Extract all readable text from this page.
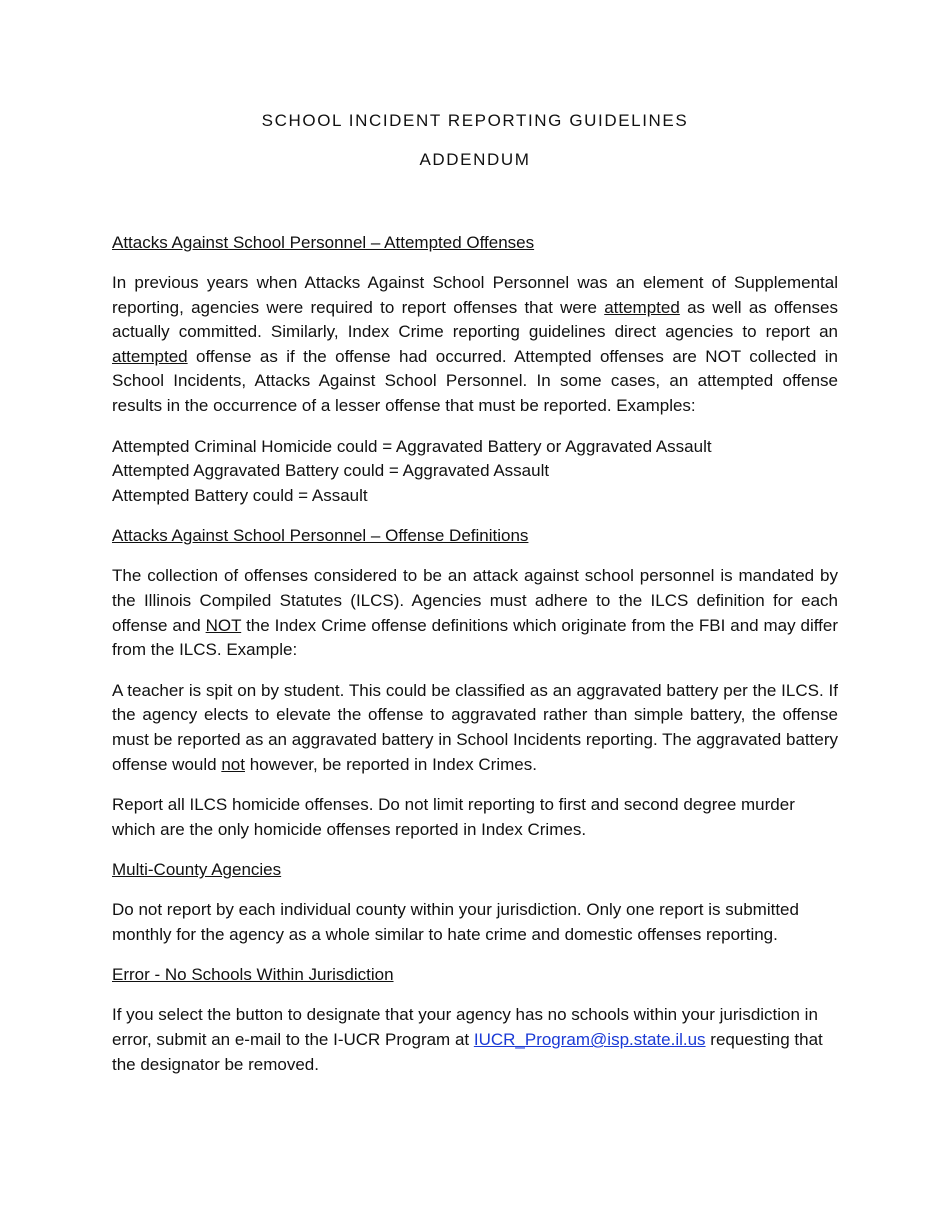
SCHOOL INCIDENT REPORTING GUIDELINES
ADDENDUM
Attacks Against School Personnel – Attempted Offenses

In previous years when Attacks Against School Personnel was an element of Supplemental reporting, agencies were required to report offenses that were attempted as well as offenses actually committed. Similarly, Index Crime reporting guidelines direct agencies to report an attempted offense as if the offense had occurred. Attempted offenses are NOT collected in School Incidents, Attacks Against School Personnel. In some cases, an attempted offense results in the occurrence of a lesser offense that must be reported. Examples:

Attempted Criminal Homicide could = Aggravated Battery or Aggravated Assault
Attempted Aggravated Battery could = Aggravated Assault
Attempted Battery could = Assault
Attacks Against School Personnel – Offense Definitions

The collection of offenses considered to be an attack against school personnel is mandated by the Illinois Compiled Statutes (ILCS). Agencies must adhere to the ILCS definition for each offense and NOT the Index Crime offense definitions which originate from the FBI and may differ from the ILCS. Example:

A teacher is spit on by student. This could be classified as an aggravated battery per the ILCS. If the agency elects to elevate the offense to aggravated rather than simple battery, the offense must be reported as an aggravated battery in School Incidents reporting. The aggravated battery offense would not however, be reported in Index Crimes.

Report all ILCS homicide offenses. Do not limit reporting to first and second degree murder which are the only homicide offenses reported in Index Crimes.

Multi-County Agencies

Do not report by each individual county within your jurisdiction. Only one report is submitted monthly for the agency as a whole similar to hate crime and domestic offenses reporting.

Error - No Schools Within Jurisdiction

If you select the button to designate that your agency has no schools within your jurisdiction in error, submit an e-mail to the I-UCR Program at IUCR_Program@isp.state.il.us requesting that the designator be removed.
